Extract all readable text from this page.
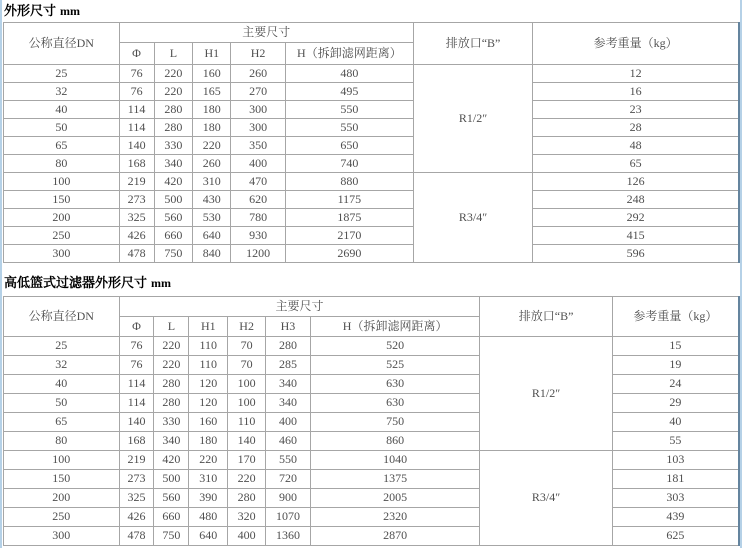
外形尺寸 mm
公称直径DN	主要尺寸					排放口“B”	参考重量（kg）
	Φ	L	H1	H2	H（拆卸滤网距离）		
25	76	220	160	260	480	R1/2″	12
32	76	220	165	270	495		16
40	114	280	180	300	550		23
50	114	280	180	300	550		28
65	140	330	220	350	650		48
80	168	340	260	400	740		65
100	219	420	310	470	880	R3/4″	126
150	273	500	430	620	1175		248
200	325	560	530	780	1875		292
250	426	660	640	930	2170		415
300	478	750	840	1200	2690		596
高低篮式过滤器外形尺寸 mm
公称直径DN	主要尺寸						排放口“B”	参考重量（kg）
	Φ	L	H1	H2	H3	H（拆卸滤网距离）		
25	76	220	110	70	280	520	R1/2″	15
32	76	220	110	70	285	525		19
40	114	280	120	100	340	630		24
50	114	280	120	100	340	630		29
65	140	330	160	110	400	750		40
80	168	340	180	140	460	860		55
100	219	420	220	170	550	1040	R3/4″	103
150	273	500	310	220	720	1375		181
200	325	560	390	280	900	2005		303
250	426	660	480	320	1070	2320		439
300	478	750	640	400	1360	2870		625
